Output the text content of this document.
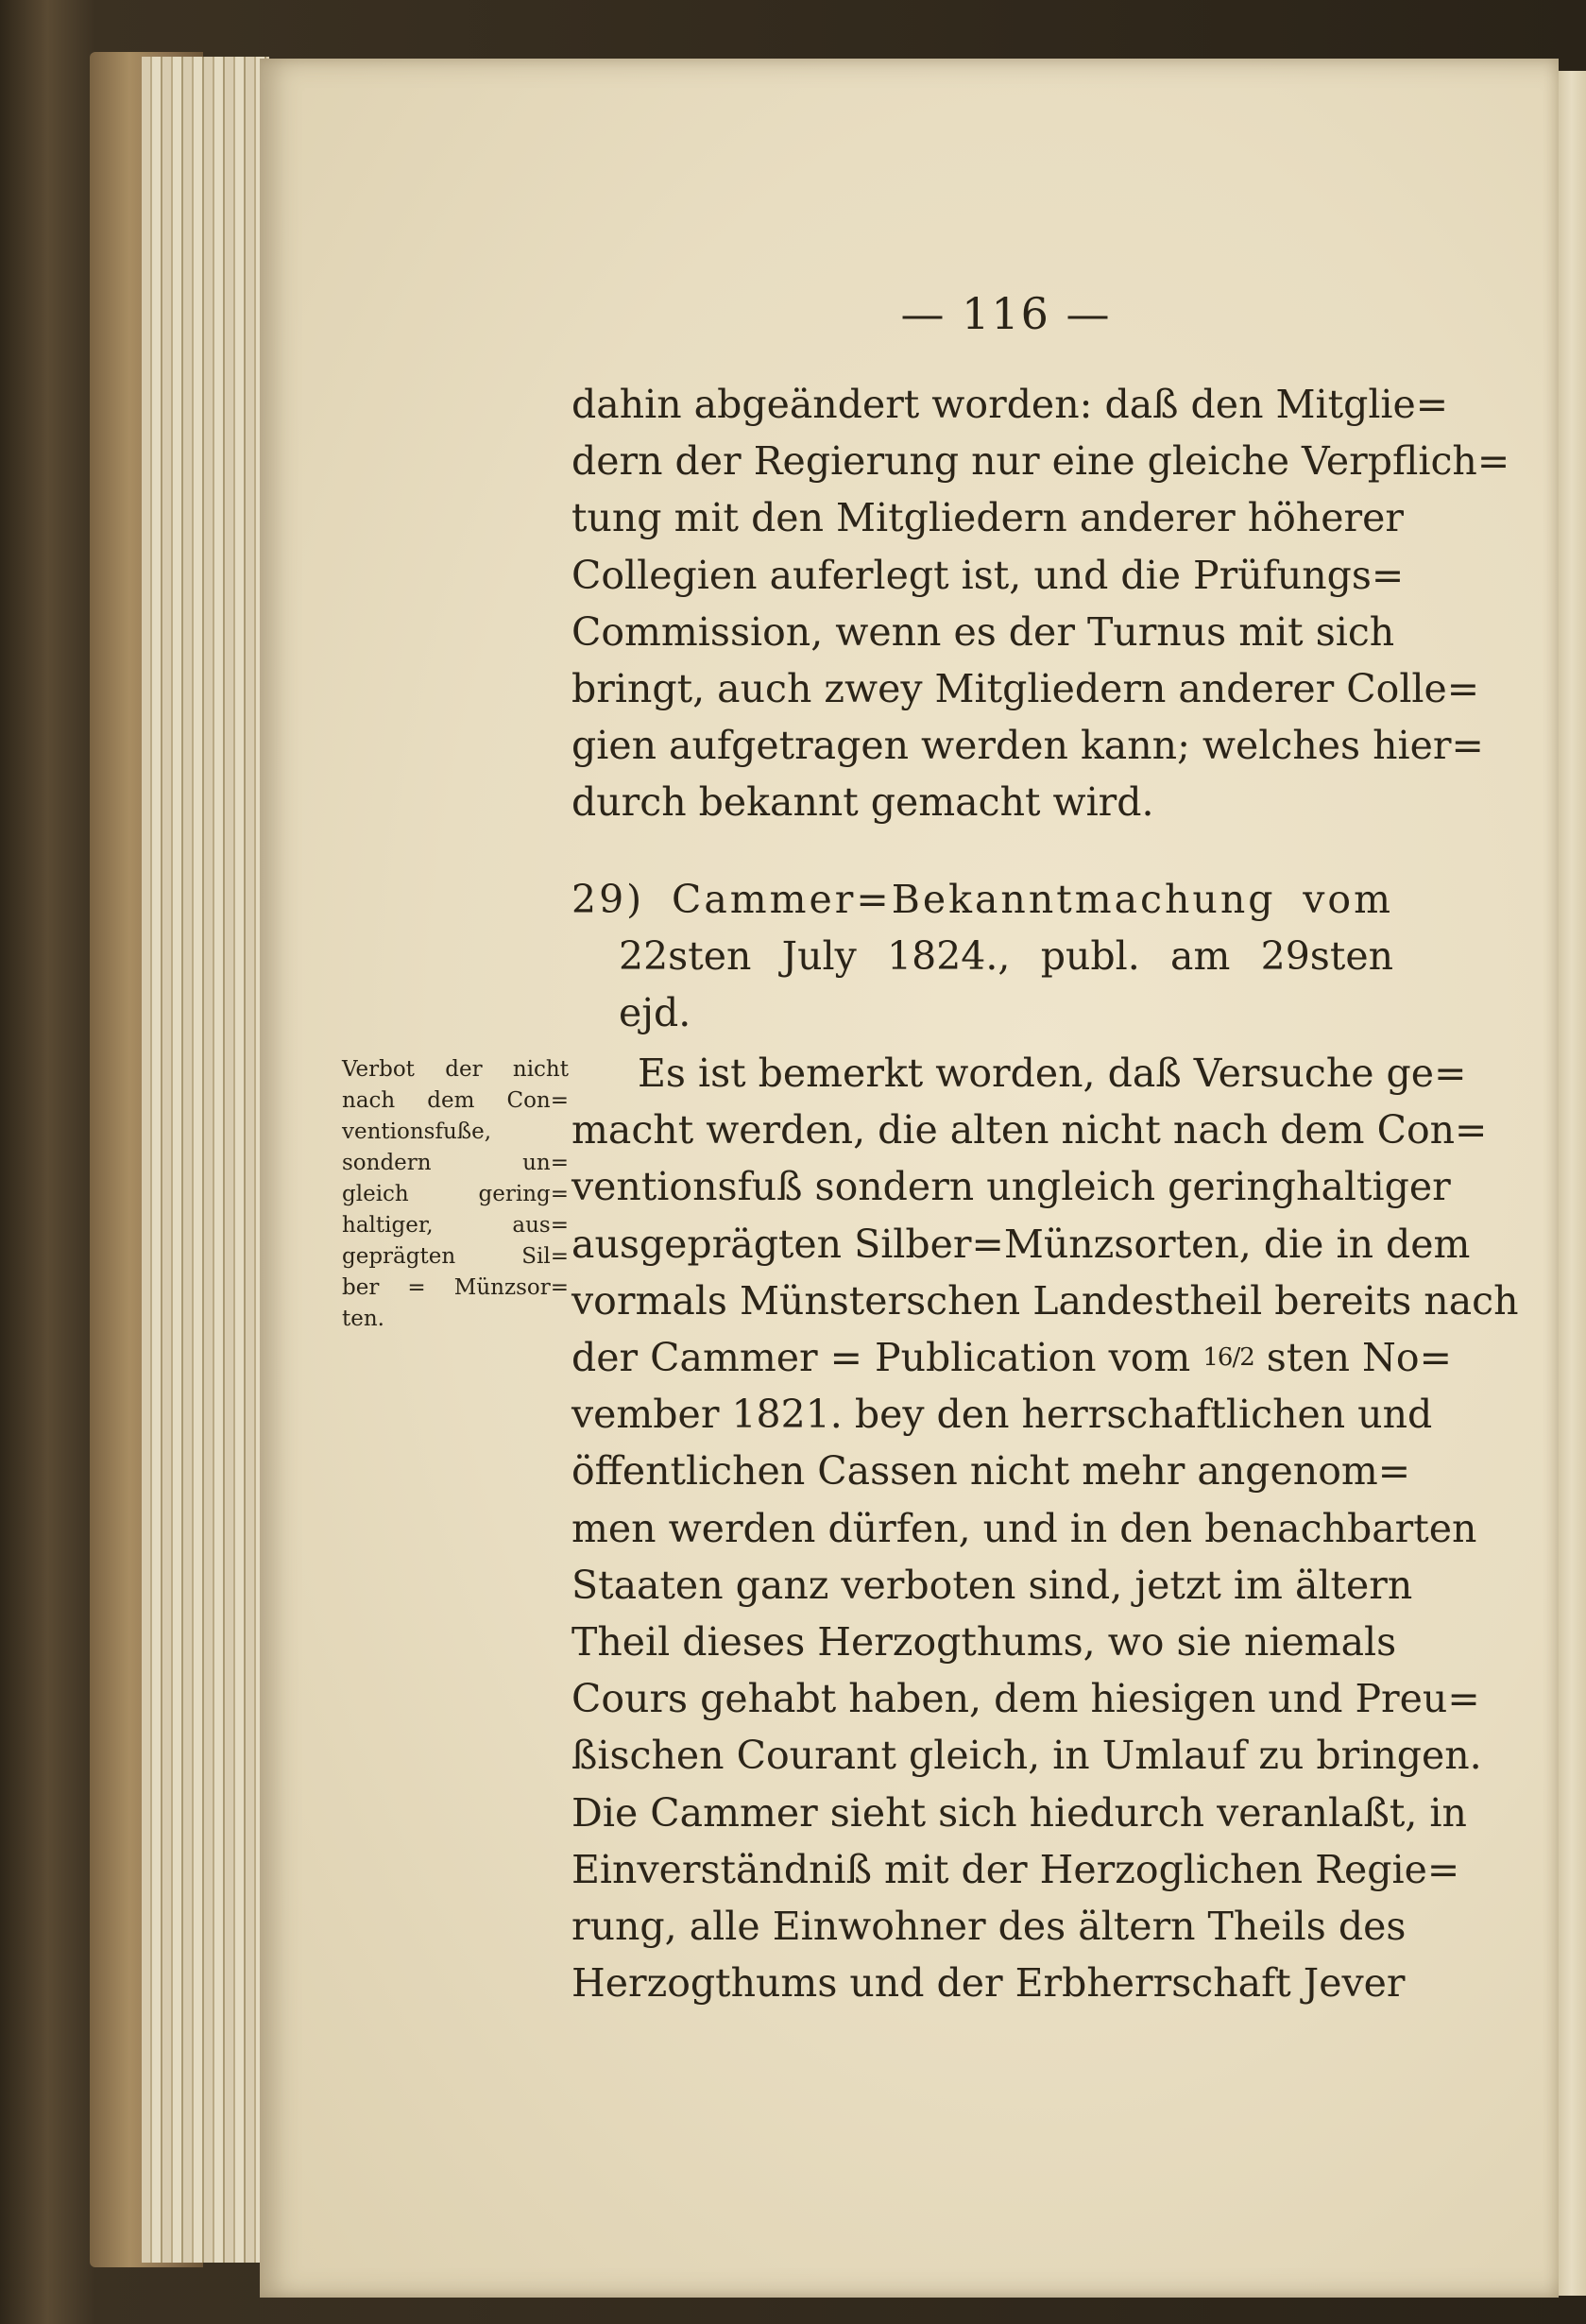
— 116 —
dahin abgeändert worden: daß den Mitglie=
dern der Regierung nur eine gleiche Verpflich=
tung mit den Mitgliedern anderer höherer
Collegien auferlegt ist, und die Prüfungs=
Commission, wenn es der Turnus mit sich
bringt, auch zwey Mitgliedern anderer Colle=
gien aufgetragen werden kann; welches hier=
durch bekannt gemacht wird.
29) Cammer=Bekanntmachung vom
22sten July 1824., publ. am 29sten
ejd.
Verbot der nicht
nach dem Con=
ventionsfuße,
sondern un=
gleich gering=
haltiger, aus=
geprägten Sil=
ber = Münzsor=
ten.
Es ist bemerkt worden, daß Versuche ge=
macht werden, die alten nicht nach dem Con=
ventionsfuß sondern ungleich geringhaltiger
ausgeprägten Silber=Münzsorten, die in dem
vormals Münsterschen Landestheil bereits nach
der Cammer = Publication vom 16/2 sten No=
vember 1821. bey den herrschaftlichen und
öffentlichen Cassen nicht mehr angenom=
men werden dürfen, und in den benachbarten
Staaten ganz verboten sind, jetzt im ältern
Theil dieses Herzogthums, wo sie niemals
Cours gehabt haben, dem hiesigen und Preu=
ßischen Courant gleich, in Umlauf zu bringen.
Die Cammer sieht sich hiedurch veranlaßt, in
Einverständniß mit der Herzoglichen Regie=
rung, alle Einwohner des ältern Theils des
Herzogthums und der Erbherrschaft Jever
